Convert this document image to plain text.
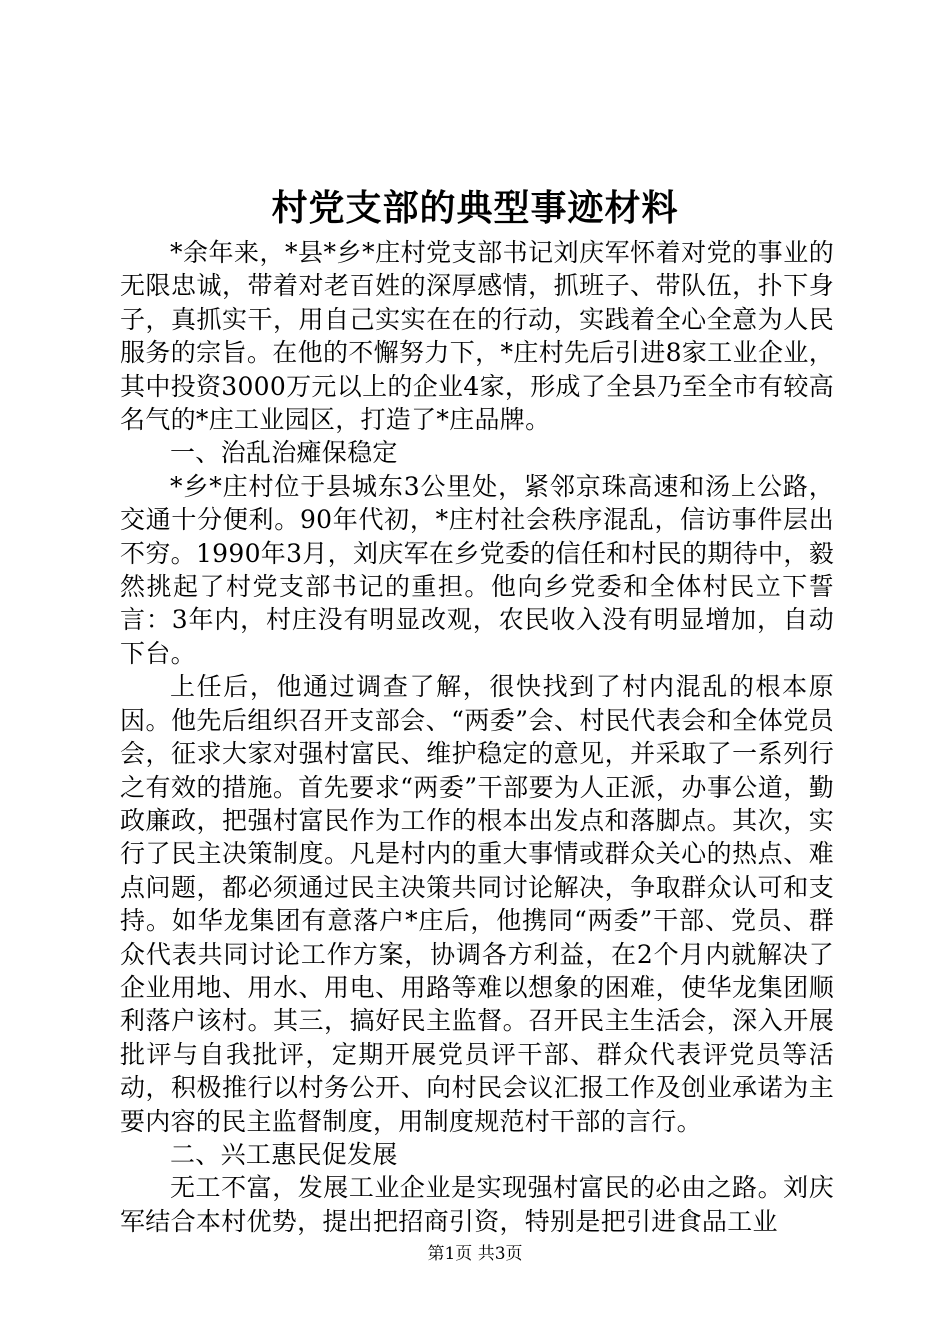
村党支部的典型事迹材料

*余年来，*县*乡*庄村党支部书记刘庆军怀着对党的事业的无限忠诚，带着对老百姓的深厚感情，抓班子、带队伍，扑下身子，真抓实干，用自己实实在在的行动，实践着全心全意为人民服务的宗旨。在他的不懈努力下，*庄村先后引进8家工业企业，其中投资3000万元以上的企业4家，形成了全县乃至全市有较高名气的*庄工业园区，打造了*庄品牌。

一、治乱治瘫保稳定

*乡*庄村位于县城东3公里处，紧邻京珠高速和汤上公路，交通十分便利。90年代初，*庄村社会秩序混乱，信访事件层出不穷。1990年3月，刘庆军在乡党委的信任和村民的期待中，毅然挑起了村党支部书记的重担。他向乡党委和全体村民立下誓言：3年内，村庄没有明显改观，农民收入没有明显增加，自动下台。

上任后，他通过调查了解，很快找到了村内混乱的根本原因。他先后组织召开支部会、“两委”会、村民代表会和全体党员会，征求大家对强村富民、维护稳定的意见，并采取了一系列行之有效的措施。首先要求“两委”干部要为人正派，办事公道，勤政廉政，把强村富民作为工作的根本出发点和落脚点。其次，实行了民主决策制度。凡是村内的重大事情或群众关心的热点、难点问题，都必须通过民主决策共同讨论解决，争取群众认可和支持。如华龙集团有意落户*庄后，他携同“两委”干部、党员、群众代表共同讨论工作方案，协调各方利益，在2个月内就解决了企业用地、用水、用电、用路等难以想象的困难，使华龙集团顺利落户该村。其三，搞好民主监督。召开民主生活会，深入开展批评与自我批评，定期开展党员评干部、群众代表评党员等活动，积极推行以村务公开、向村民会议汇报工作及创业承诺为主要内容的民主监督制度，用制度规范村干部的言行。

二、兴工惠民促发展

无工不富，发展工业企业是实现强村富民的必由之路。刘庆军结合本村优势，提出把招商引资，特别是把引进食品工业

第1页 共3页
